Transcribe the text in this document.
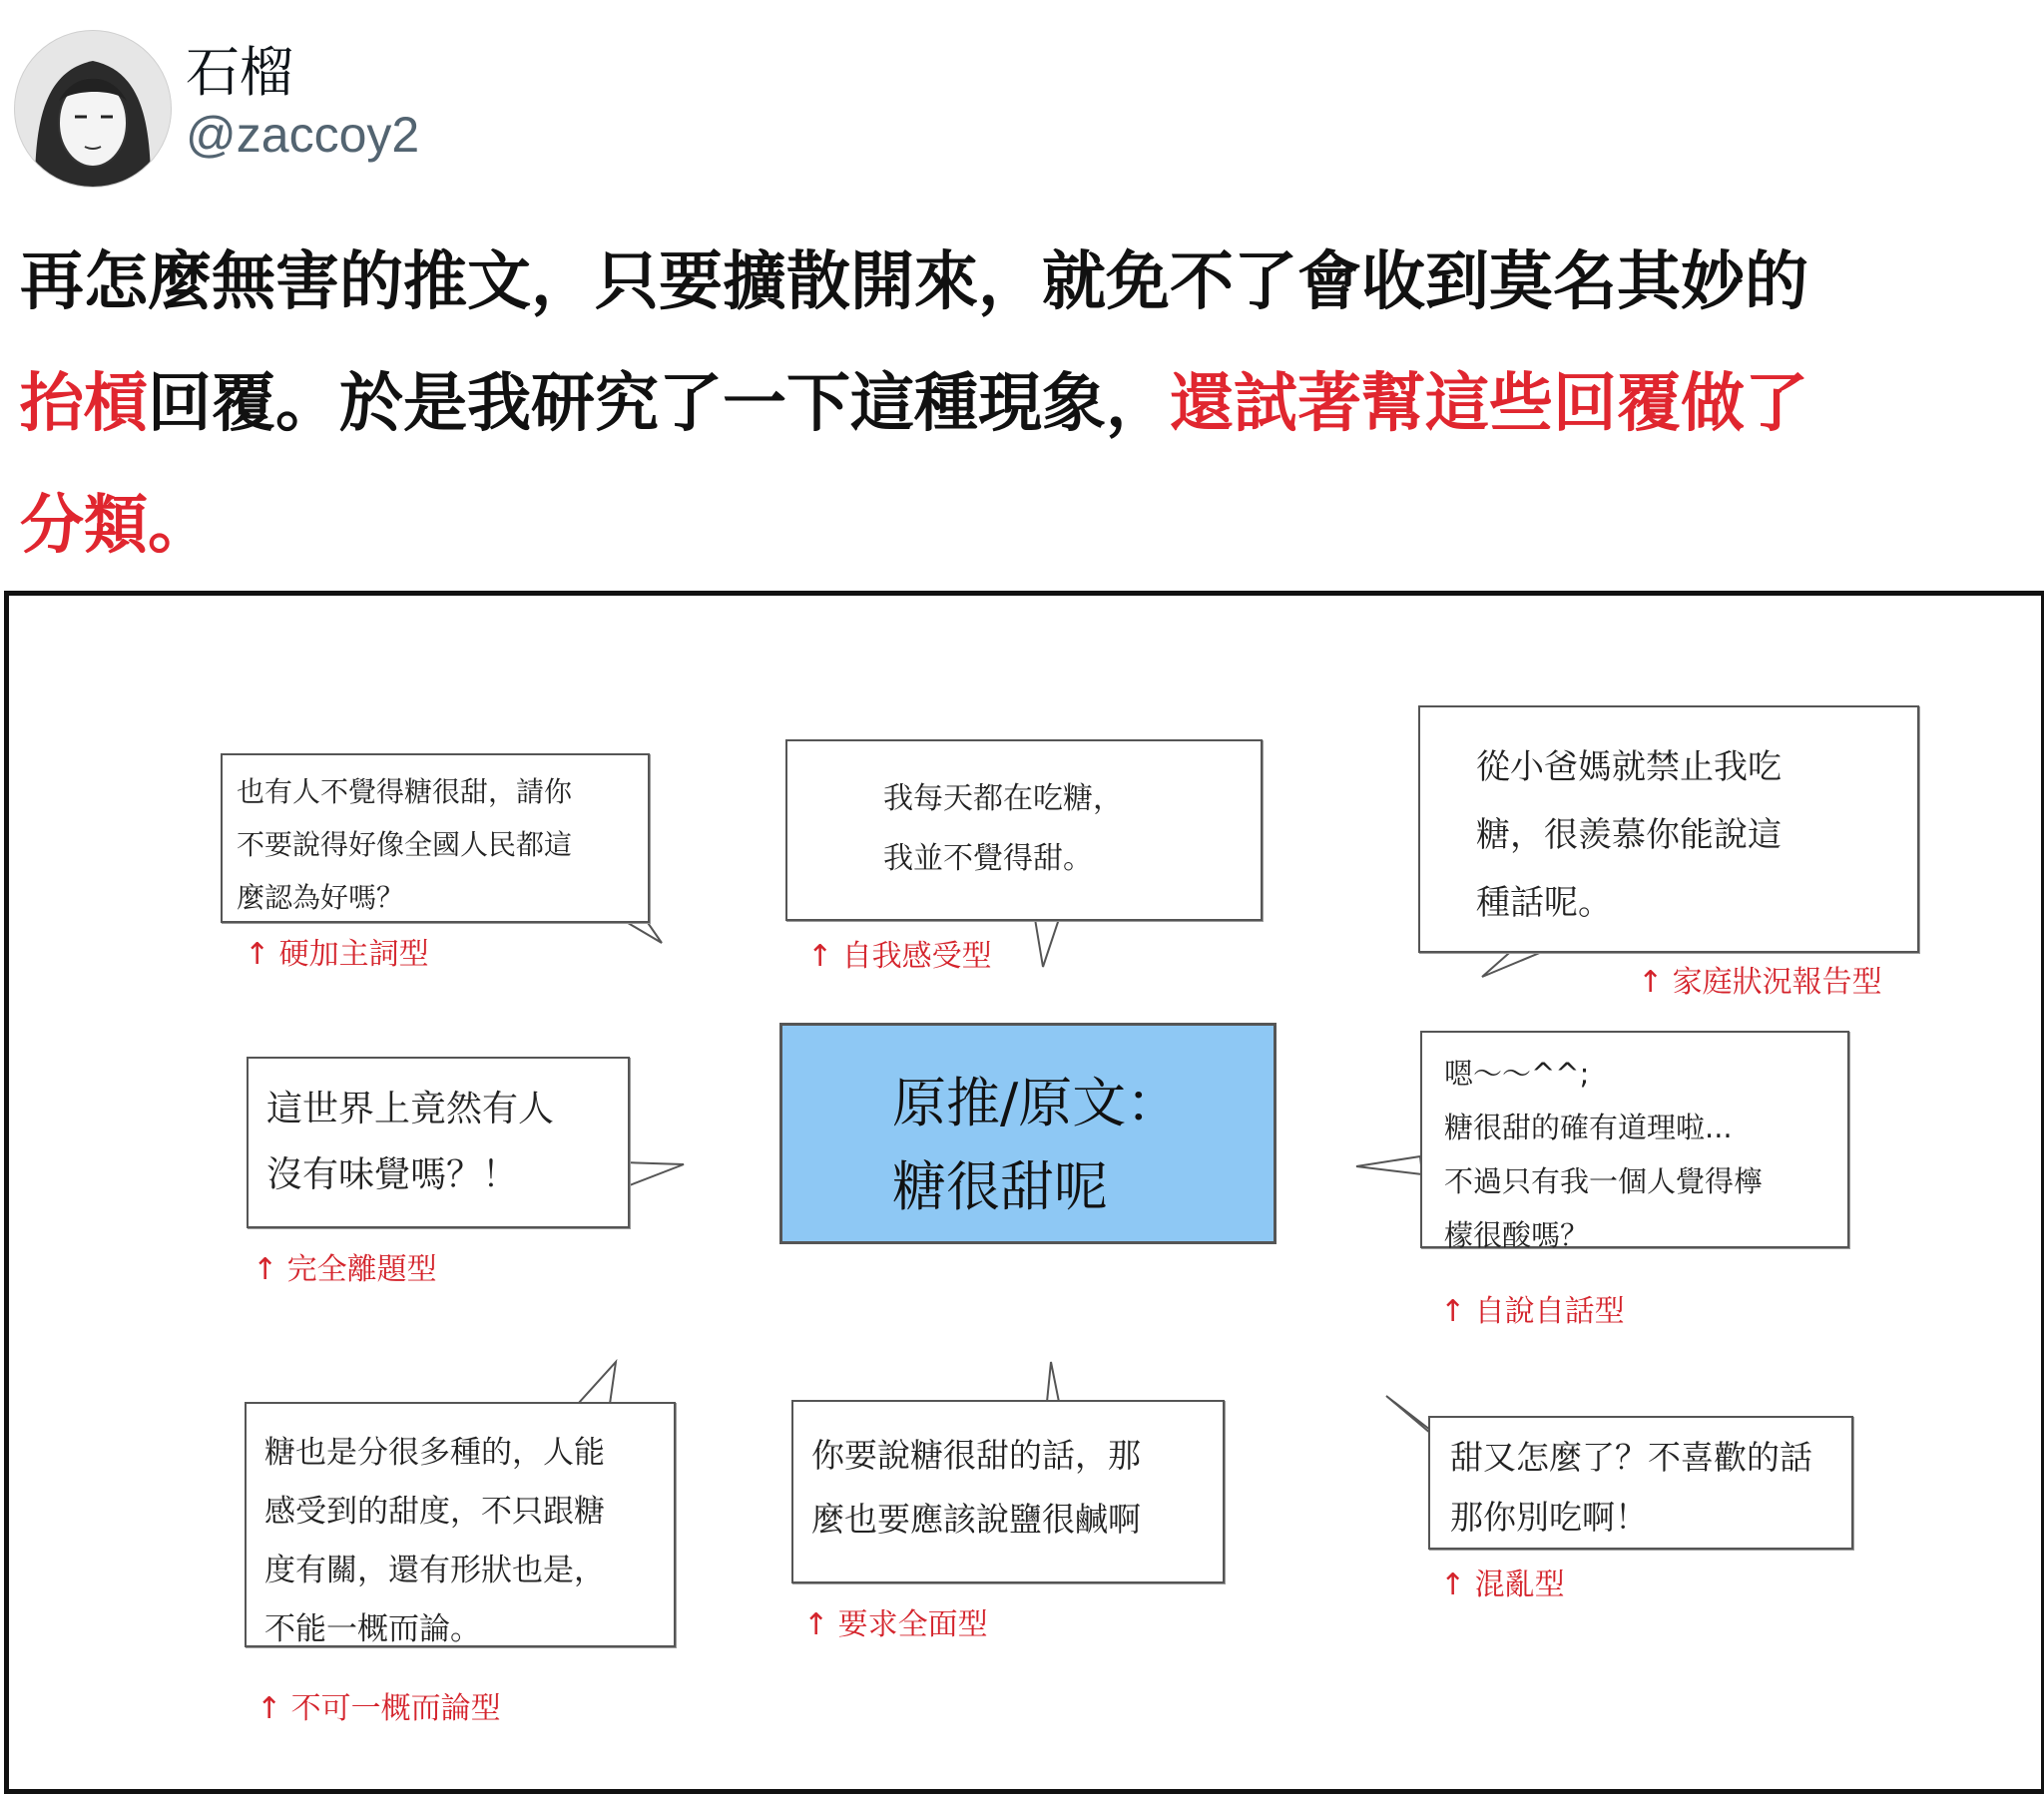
石榴
@zaccoy2
再怎麼無害的推文，只要擴散開來，就免不了會收到莫名其妙的
抬槓回覆。於是我研究了一下這種現象，還試著幫這些回覆做了
分類。

也有人不覺得糖很甜，請你
不要說得好像全國人民都這
麼認為好嗎？

↑ 硬加主詞型

我每天都在吃糖，
我並不覺得甜。

↑ 自我感受型

從小爸媽就禁止我吃
糖，很羨慕你能說這
種話呢。

↑ 家庭狀況報告型

這世界上竟然有人
沒有味覺嗎？！

↑ 完全離題型

原推/原文：
糖很甜呢

嗯～～^^;
糖很甜的確有道理啦...
不過只有我一個人覺得檸
檬很酸嗎？

↑ 自說自話型

糖也是分很多種的，人能
感受到的甜度，不只跟糖
度有關，還有形狀也是，
不能一概而論。

↑ 不可一概而論型

你要說糖很甜的話，那
麼也要應該說鹽很鹹啊

↑ 要求全面型

甜又怎麼了？不喜歡的話
那你別吃啊！

↑ 混亂型
